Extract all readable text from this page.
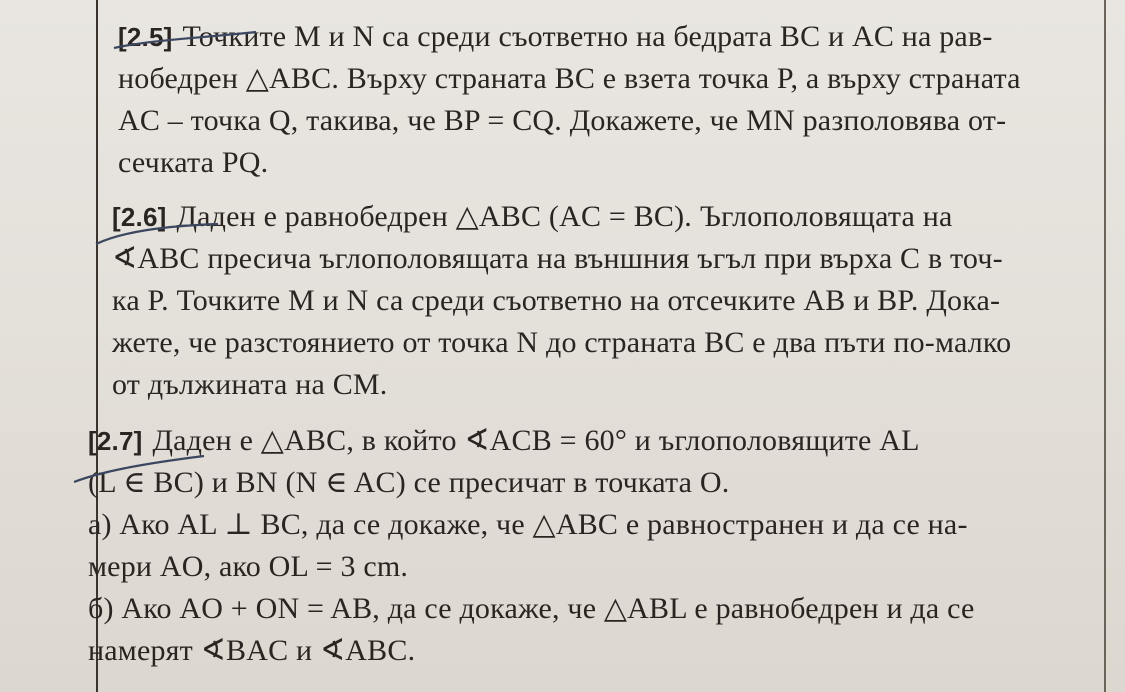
[2.5] Точките M и N са среди съответно на бедрата BC и AC на рав-
нобедрен △ABC. Върху страната BC е взета точка P, а върху страната
AC – точка Q, такива, че BP = CQ. Докажете, че MN разполовява от-
сечката PQ.
[2.6] Даден е равнобедрен △ABC (AC = BC). Ъглополовящата на
∢ABC пресича ъглополовящата на външния ъгъл при върха C в точ-
ка P. Точките M и N са среди съответно на отсечките AB и BP. Дока-
жете, че разстоянието от точка N до страната BC е два пъти по-малко
от дължината на CM.
[2.7] Даден е △ABC, в който ∢ACB = 60° и ъглополовящите AL
(L ∈ BC) и BN (N ∈ AC) се пресичат в точката O.
а) Ако AL ⊥ BC, да се докаже, че △ABC е равностранен и да се на-
мери AO, ако OL = 3 cm.
б) Ако AO + ON = AB, да се докаже, че △ABL е равнобедрен и да се
намерят ∢BAC и ∢ABC.
